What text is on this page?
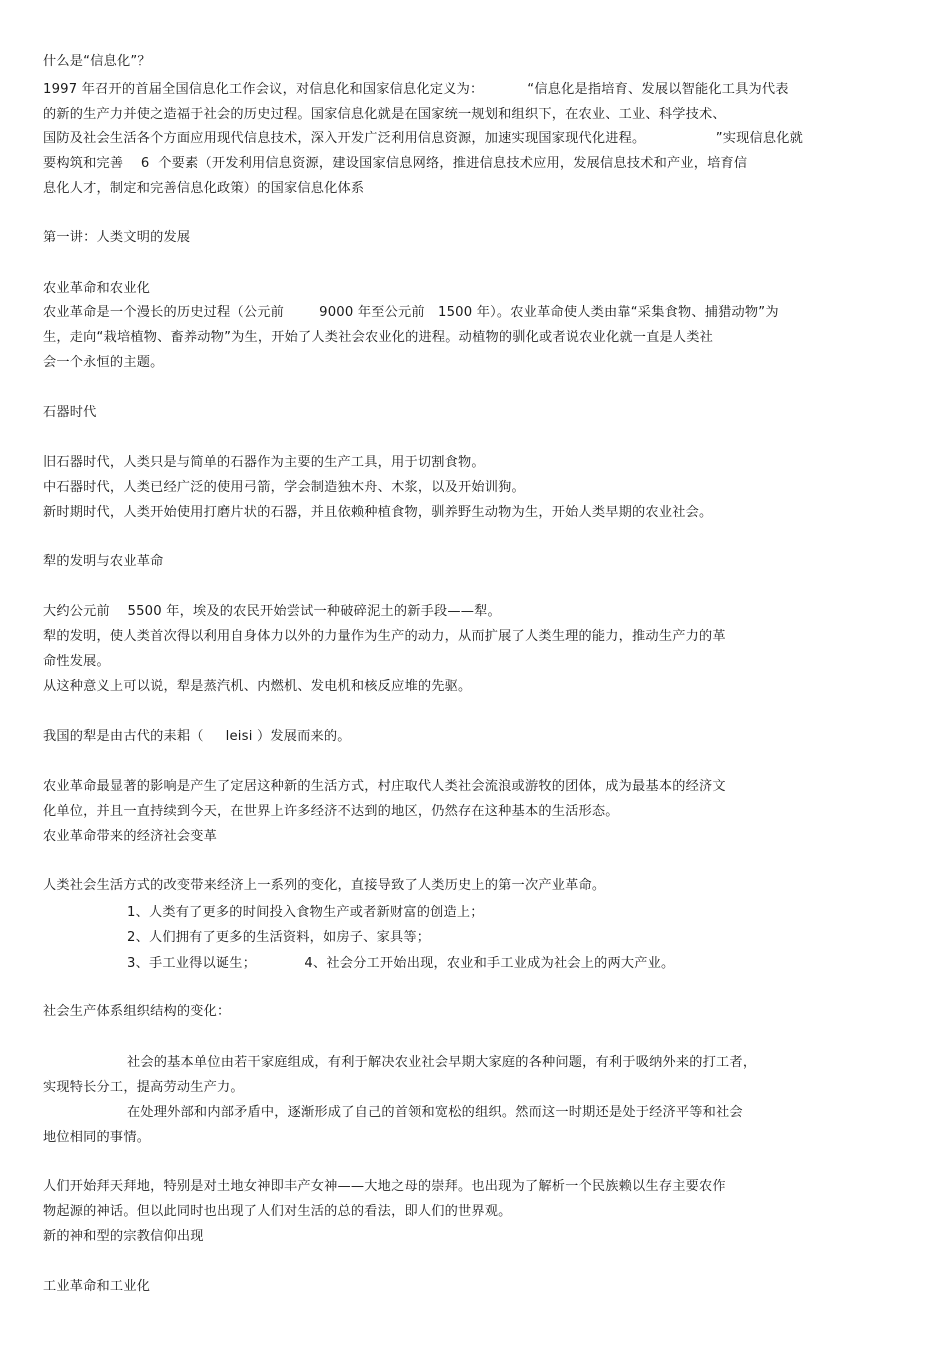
什么是“信息化”？
1997 年召开的首届全国信息化工作会议，对信息化和国家信息化定义为：          “信息化是指培育、发展以智能化工具为代表
的新的生产力并使之造福于社会的历史过程。国家信息化就是在国家统一规划和组织下，在农业、工业、科学技术、
国防及社会生活各个方面应用现代信息技术，深入开发广泛利用信息资源，加速实现国家现代化进程。                ”实现信息化就
要构筑和完善    6  个要素（开发利用信息资源，建设国家信息网络，推进信息技术应用，发展信息技术和产业，培育信
息化人才，制定和完善信息化政策）的国家信息化体系
第一讲：人类文明的发展
农业革命和农业化
农业革命是一个漫长的历史过程（公元前        9000 年至公元前   1500 年）。农业革命使人类由靠“采集食物、捕猎动物”为
生，走向“栽培植物、畜养动物”为生，开始了人类社会农业化的进程。动植物的驯化或者说农业化就一直是人类社
会一个永恒的主题。
石器时代
旧石器时代，人类只是与简单的石器作为主要的生产工具，用于切割食物。
中石器时代，人类已经广泛的使用弓箭，学会制造独木舟、木浆，以及开始训狗。
新时期时代，人类开始使用打磨片状的石器，并且依赖种植食物，驯养野生动物为生，开始人类早期的农业社会。
犁的发明与农业革命
大约公元前    5500 年，埃及的农民开始尝试一种破碎泥土的新手段——犁。
犁的发明，使人类首次得以利用自身体力以外的力量作为生产的动力，从而扩展了人类生理的能力，推动生产力的革
命性发展。
从这种意义上可以说，犁是蒸汽机、内燃机、发电机和核反应堆的先驱。
我国的犁是由古代的耒耜（     leisi ）发展而来的。
农业革命最显著的影响是产生了定居这种新的生活方式，村庄取代人类社会流浪或游牧的团体，成为最基本的经济文
化单位，并且一直持续到今天，在世界上许多经济不达到的地区，仍然存在这种基本的生活形态。
农业革命带来的经济社会变革
人类社会生活方式的改变带来经济上一系列的变化，直接导致了人类历史上的第一次产业革命。
1、人类有了更多的时间投入食物生产或者新财富的创造上；
2、人们拥有了更多的生活资料，如房子、家具等；
3、手工业得以诞生；           4、社会分工开始出现，农业和手工业成为社会上的两大产业。
社会生产体系组织结构的变化：
社会的基本单位由若干家庭组成，有利于解决农业社会早期大家庭的各种问题，有利于吸纳外来的打工者，
实现特长分工，提高劳动生产力。
在处理外部和内部矛盾中，逐渐形成了自己的首领和宽松的组织。然而这一时期还是处于经济平等和社会
地位相同的事情。
人们开始拜天拜地，特别是对土地女神即丰产女神——大地之母的崇拜。也出现为了解析一个民族赖以生存主要农作
物起源的神话。但以此同时也出现了人们对生活的总的看法，即人们的世界观。
新的神和型的宗教信仰出现
工业革命和工业化
